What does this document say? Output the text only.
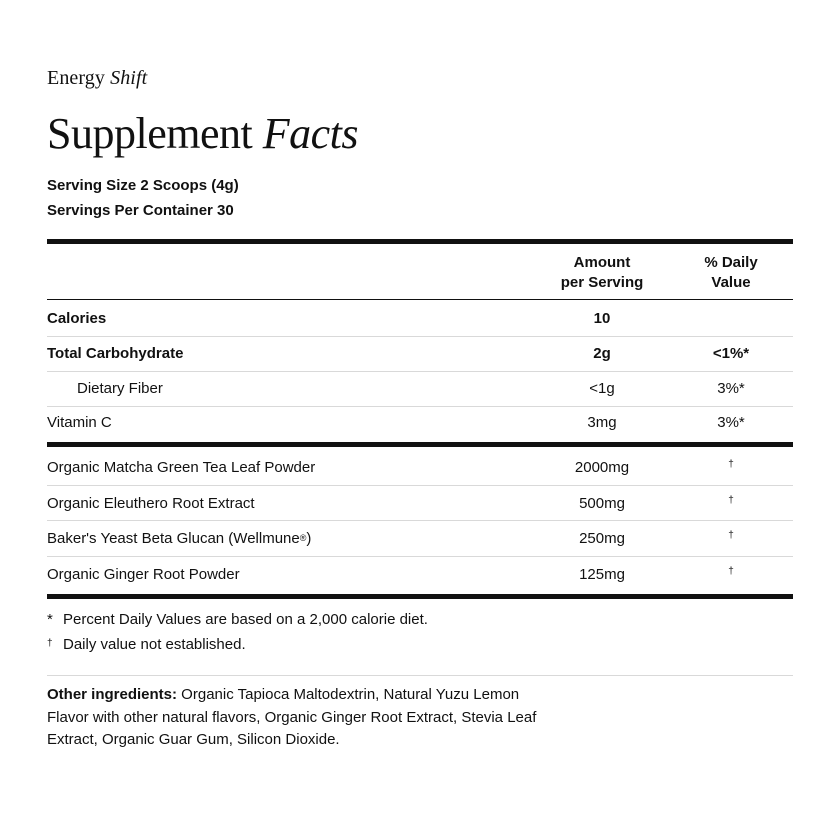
Energy Shift
Supplement Facts
Serving Size 2 Scoops (4g)
Servings Per Container 30
Amount
per Serving
% Daily
Value
Calories	10
Total Carbohydrate	2g	<1%*
Dietary Fiber	<1g	3%*
Vitamin C	3mg	3%*
Organic Matcha Green Tea Leaf Powder	2000mg	†
Organic Eleuthero Root Extract	500mg	†
Baker's Yeast Beta Glucan (Wellmune®)	250mg	†
Organic Ginger Root Powder	125mg	†
* Percent Daily Values are based on a 2,000 calorie diet.
† Daily value not established.
Other ingredients: Organic Tapioca Maltodextrin, Natural Yuzu Lemon Flavor with other natural flavors, Organic Ginger Root Extract, Stevia Leaf Extract, Organic Guar Gum, Silicon Dioxide.
